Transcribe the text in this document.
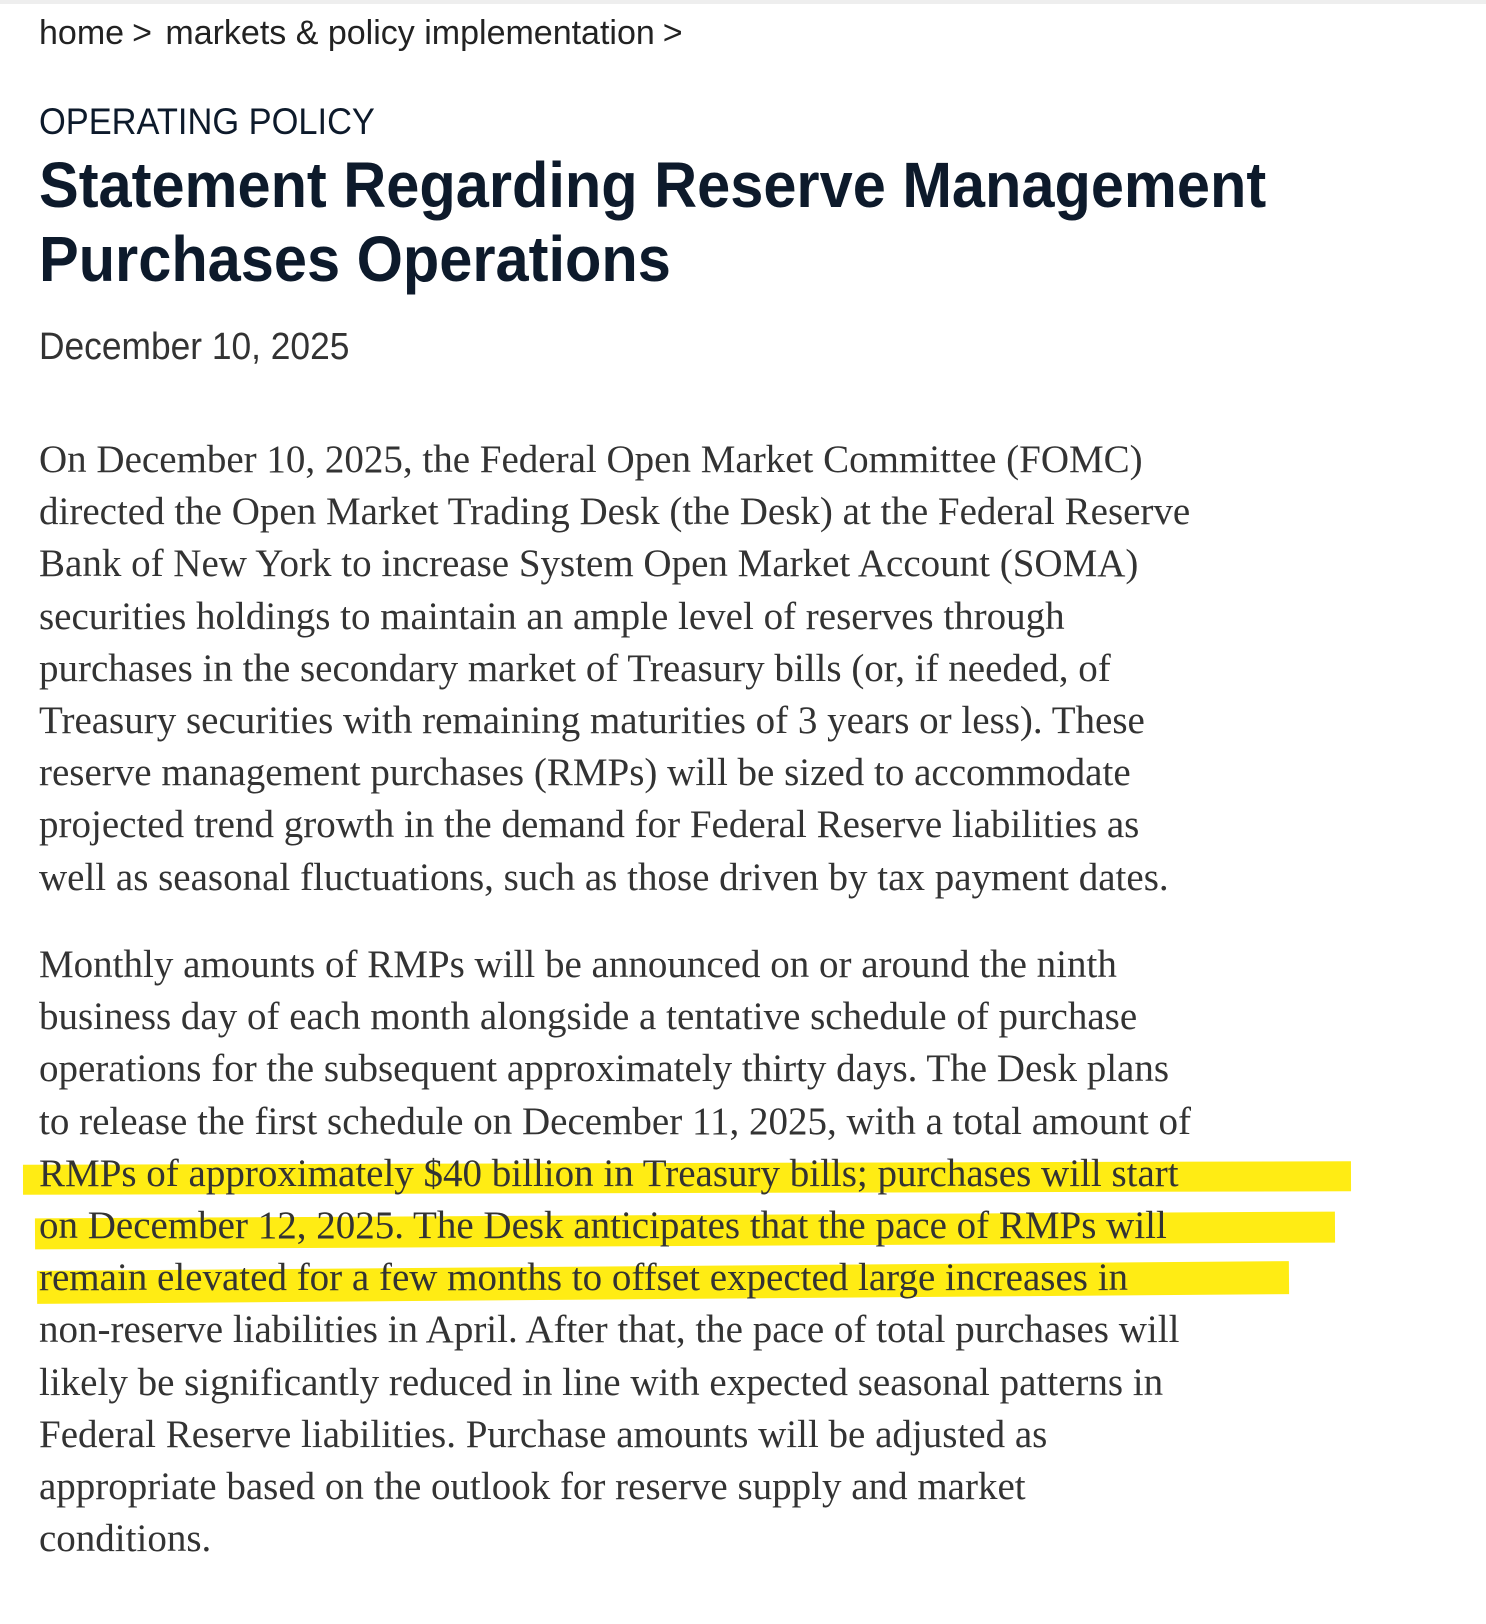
home > markets & policy implementation >
OPERATING POLICY
Statement Regarding Reserve Management Purchases Operations
December 10, 2025

On December 10, 2025, the Federal Open Market Committee (FOMC)
directed the Open Market Trading Desk (the Desk) at the Federal Reserve
Bank of New York to increase System Open Market Account (SOMA)
securities holdings to maintain an ample level of reserves through
purchases in the secondary market of Treasury bills (or, if needed, of
Treasury securities with remaining maturities of 3 years or less). These
reserve management purchases (RMPs) will be sized to accommodate
projected trend growth in the demand for Federal Reserve liabilities as
well as seasonal fluctuations, such as those driven by tax payment dates.

Monthly amounts of RMPs will be announced on or around the ninth
business day of each month alongside a tentative schedule of purchase
operations for the subsequent approximately thirty days. The Desk plans
to release the first schedule on December 11, 2025, with a total amount of
RMPs of approximately $40 billion in Treasury bills; purchases will start
on December 12, 2025. The Desk anticipates that the pace of RMPs will
remain elevated for a few months to offset expected large increases in
non-reserve liabilities in April. After that, the pace of total purchases will
likely be significantly reduced in line with expected seasonal patterns in
Federal Reserve liabilities. Purchase amounts will be adjusted as
appropriate based on the outlook for reserve supply and market
conditions.
